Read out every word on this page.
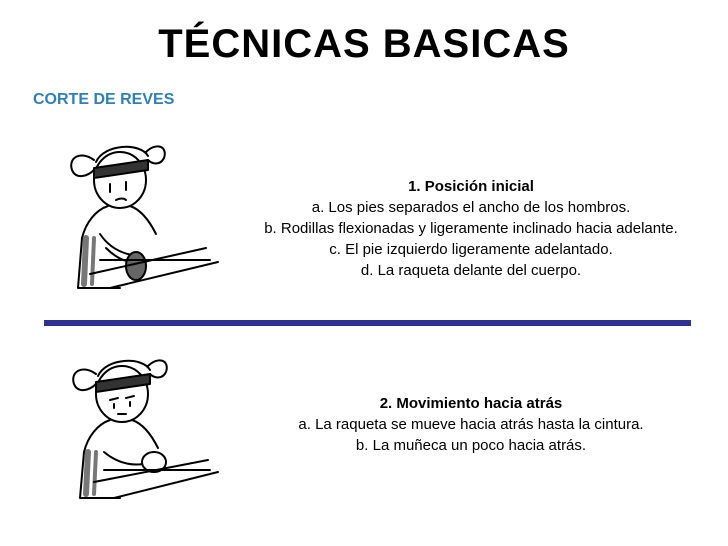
TÉCNICAS BASICAS
CORTE DE REVES
1. Posición inicial
a. Los pies separados el ancho de los hombros.
b. Rodillas flexionadas y ligeramente inclinado hacia adelante.
c. El pie izquierdo ligeramente adelantado.
d. La raqueta delante del cuerpo.
2. Movimiento hacia atrás
a. La raqueta se mueve hacia atrás hasta la cintura.
b. La muñeca un poco hacia atrás.
